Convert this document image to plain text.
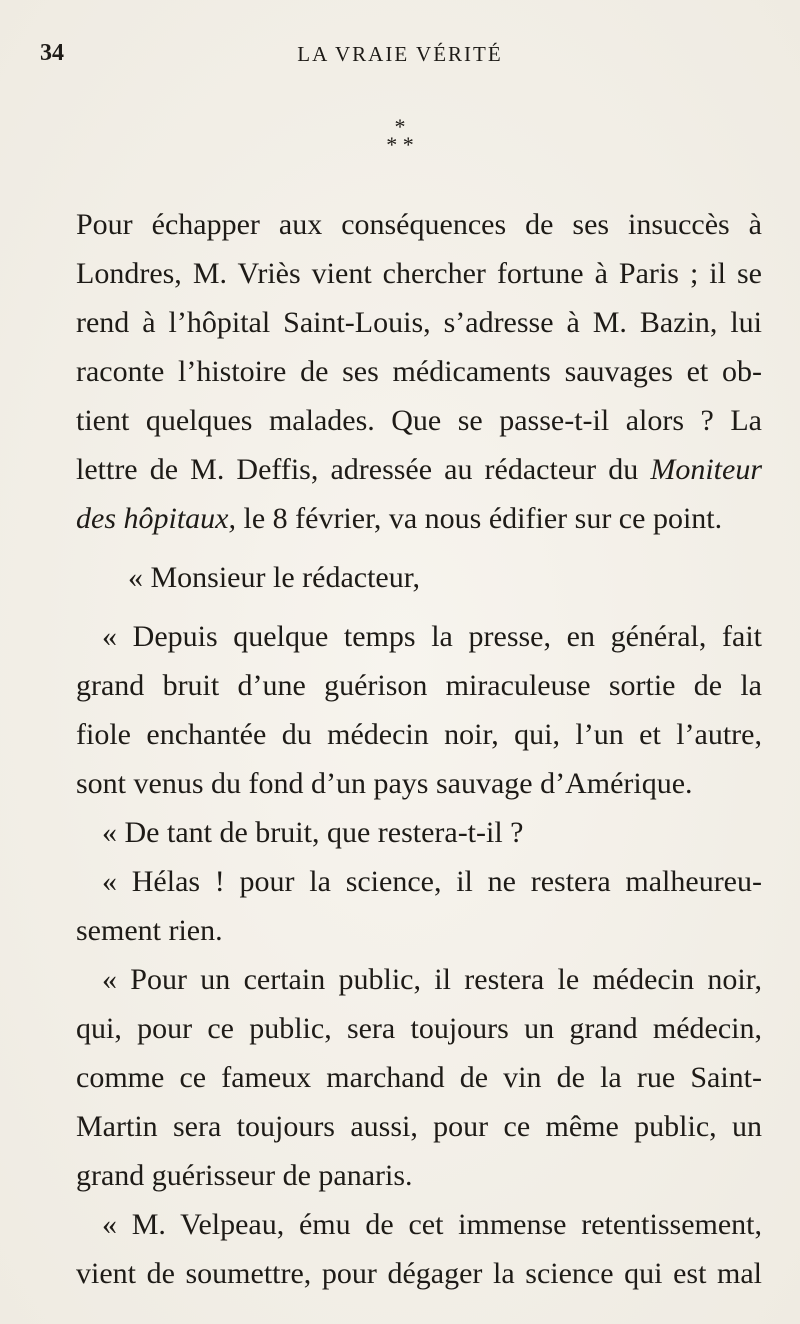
34	LA VRAIE VÉRITÉ
*
* *
Pour échapper aux conséquences de ses insuccès à
Londres, M. Vriès vient chercher fortune à Paris ; il se
rend à l’hôpital Saint-Louis, s’adresse à M. Bazin, lui
raconte l’histoire de ses médicaments sauvages et ob-
tient quelques malades. Que se passe-t-il alors ? La
lettre de M. Deffis, adressée au rédacteur du Moniteur
des hôpitaux, le 8 février, va nous édifier sur ce point.
« Monsieur le rédacteur,
« Depuis quelque temps la presse, en général, fait
grand bruit d’une guérison miraculeuse sortie de la
fiole enchantée du médecin noir, qui, l’un et l’autre,
sont venus du fond d’un pays sauvage d’Amérique.
« De tant de bruit, que restera-t-il ?
« Hélas ! pour la science, il ne restera malheureu-
sement rien.
« Pour un certain public, il restera le médecin noir,
qui, pour ce public, sera toujours un grand médecin,
comme ce fameux marchand de vin de la rue Saint-
Martin sera toujours aussi, pour ce même public, un
grand guérisseur de panaris.
« M. Velpeau, ému de cet immense retentissement,
vient de soumettre, pour dégager la science qui est mal
